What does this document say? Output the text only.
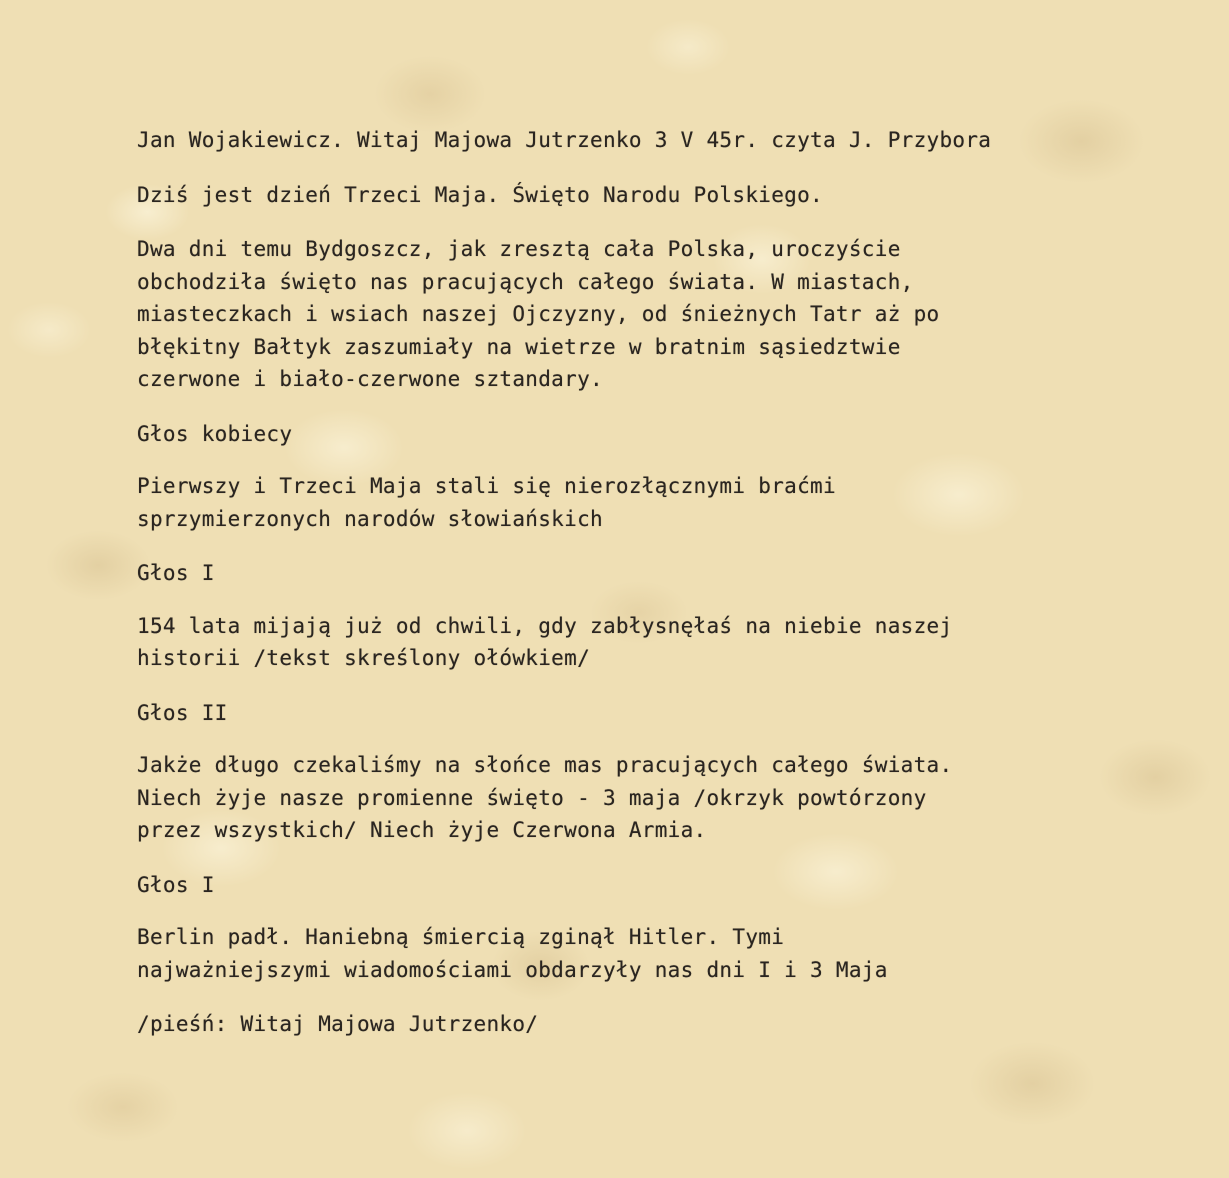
Jan Wojakiewicz. Witaj Majowa Jutrzenko 3 V 45r. czyta J. Przybora

Dziś jest dzień Trzeci Maja. Święto Narodu Polskiego.

Dwa dni temu Bydgoszcz, jak zresztą cała Polska, uroczyście
obchodziła święto nas pracujących całego świata. W miastach,
miasteczkach i wsiach naszej Ojczyzny, od śnieżnych Tatr aż po
błękitny Bałtyk zaszumiały na wietrze w bratnim sąsiedztwie
czerwone i biało-czerwone sztandary.

Głos kobiecy

Pierwszy i Trzeci Maja stali się nierozłącznymi braćmi
sprzymierzonych narodów słowiańskich

Głos I

154 lata mijają już od chwili, gdy zabłysnęłaś na niebie naszej
historii /tekst skreślony ołówkiem/

Głos II

Jakże długo czekaliśmy na słońce mas pracujących całego świata.
Niech żyje nasze promienne święto - 3 maja /okrzyk powtórzony
przez wszystkich/ Niech żyje Czerwona Armia.

Głos I

Berlin padł. Haniebną śmiercią zginął Hitler. Tymi
najważniejszymi wiadomościami obdarzyły nas dni I i 3 Maja

/pieśń: Witaj Majowa Jutrzenko/
